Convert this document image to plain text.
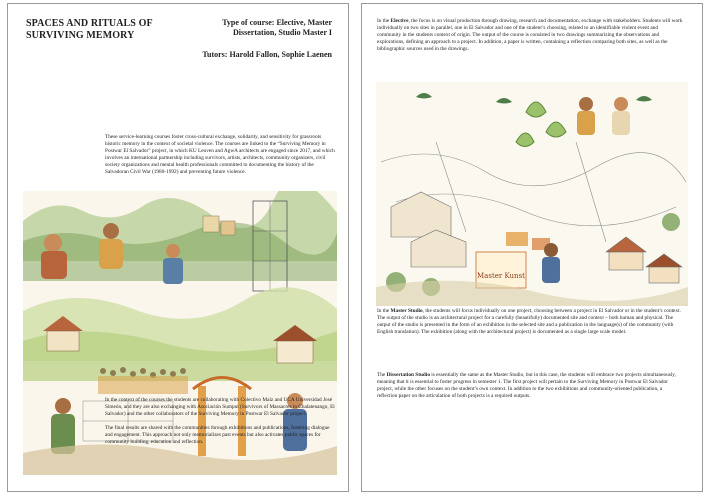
SPACES AND RITUALS OF SURVIVING MEMORY
Type of course: Elective, Master Dissertation, Studio Master I
Tutors: Harold Fallon, Sophie Laenen

These service-learning courses foster cross-cultural exchange, solidarity, and sensitivity for grassroots historic memory in the context of societal violence. The courses are linked to the “Surviving Memory in Postwar El Salvador” project, in which KU Leuven and AgwA architects are engaged since 2017, and which involves an international partnership including survivors, artists, architects, community organizers, civil society organizations and mental health professionals committed to documenting the history of the Salvadoran Civil War (1980-1992) and preventing future violence.

In the context of the courses the students are collaborating with Colectivo Maíz and UCA Universidad José Simeón, and they are also exchanging with Asociación Sumpul (Survivors of Massacres in Chalatenango, El Salvador) and the other collaborators of the Surviving Memory in Postwar El Salvador project.

The final results are shared with the communities through exhibitions and publications, fostering dialogue and engagement. This approach not only memorializes past events but also activates public spaces for community building, education and reflection.

In the Elective, the focus is on visual production through drawing, research and documentation, exchange with stakeholders. Students will work individually on two sites in parallel, one in El Salvador and one of the student’s choosing, related to an identifiable violent event and community in the students context of origin. The output of the course is consisted in two drawings summarizing the observations and explorations, defining an approach to a project. In addition, a paper is written, containing a reflection comparing both sites, as well as the bibliographic sources used in the drawings.

Master Kunst

In the Master Studio, the students will focus individually on one project, choosing between a project in El Salvador or in the student’s context. The output of the studio is an architectural project for a carefully (beautifully) documented site and context – both human and physical. The output of the studio is presented in the form of an exhibition in the selected site and a publication in the language(s) of the community (with English translation). The exhibition (along with the architectural project) is documented as a single large scale model.

The Dissertation Studio is essentially the same as the Master Studio, but in this case, the students will embrace two projects simultaneously, meaning that it is essential to foster progress in semester 1. The first project will pertain to the Surviving Memory in Postwar El Salvador project, while the other focuses on the student’s own context. In addition to the two exhibitions and community-oriented publication, a reflection paper on the articulation of both projects is a required outputs.
